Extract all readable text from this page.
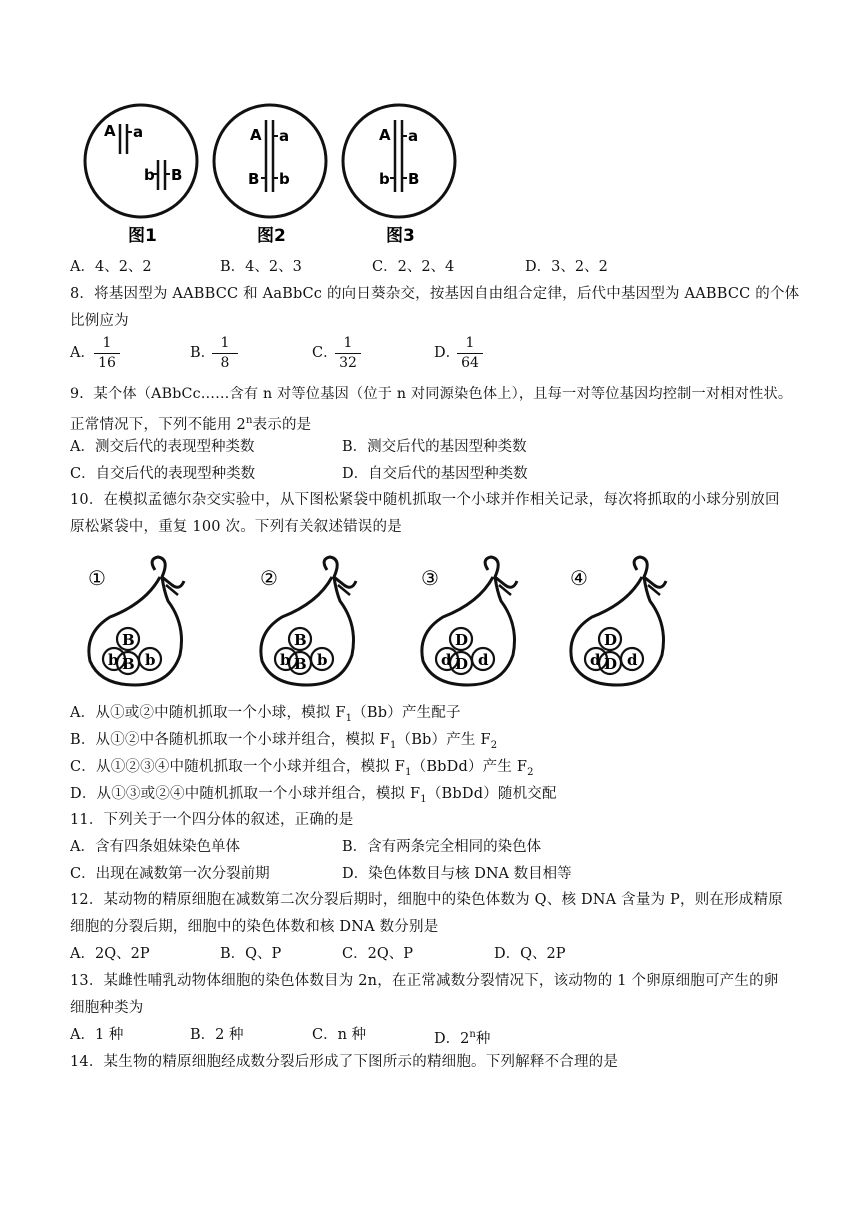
A a
b B
图1
A a
B b
图2
A a
b B
图3
A．4、2、2	B．4、2、3	C．2、2、4	D．3、2、2
8．将基因型为 AABBCC 和 AaBbCc 的向日葵杂交，按基因自由组合定律，后代中基因型为 AABBCC 的个体
比例应为
A．
1
16
B．
1
8
C．
1
32
D．
1
64
9．某个体（ABbCc……含有 n 对等位基因（位于 n 对同源染色体上），且每一对等位基因均控制一对相对性状。
正常情况下，下列不能用 2$^n$表示的是
A．测交后代的表现型种类数	B．测交后代的基因型种类数
C．自交后代的表现型种类数	D．自交后代的基因型种类数
10．在模拟孟德尔杂交实验中，从下图松紧袋中随机抓取一个小球并作相关记录，每次将抓取的小球分别放回
原松紧袋中，重复 100 次。下列有关叙述错误的是
①
b
B
B b
②
b
B
B b
③
d
D
D d
④
d
D
D d
A．从①或②中随机抓取一个小球，模拟 $F_1(Bb)$产生配子
B．从①②中各随机抓取一个小球并组合，模拟 $F_1(Bb)$产生 $F_2$
C．从①②③④中随机抓取一个小球并组合，模拟 $F_1(BbDd)$产生 $F_2$
D．从①③或②④中随机抓取一个小球并组合，模拟 $F_1(BbDd)$随机交配
11．下列关于一个四分体的叙述，正确的是
A．含有四条姐妹染色单体	B．含有两条完全相同的染色体
C．出现在减数第一次分裂前期	D．染色体数目与核 DNA 数目相等
12．某动物的精原细胞在减数第二次分裂后期时，细胞中的染色体数为 Q、核 DNA 含量为 P，则在形成精原
细胞的分裂后期，细胞中的染色体数和核 DNA 数分别是
A．2Q、2P	B．Q、P	C．2Q、P	D．Q、2P
13．某雌性哺乳动物体细胞的染色体数目为 2n，在正常减数分裂情况下，该动物的 1 个卵原细胞可产生的卵
细胞种类为
A．1 种	B．2 种	C．n 种	D．2$^n$种
14．某生物的精原细胞经成数分裂后形成了下图所示的精细胞。下列解释不合理的是
